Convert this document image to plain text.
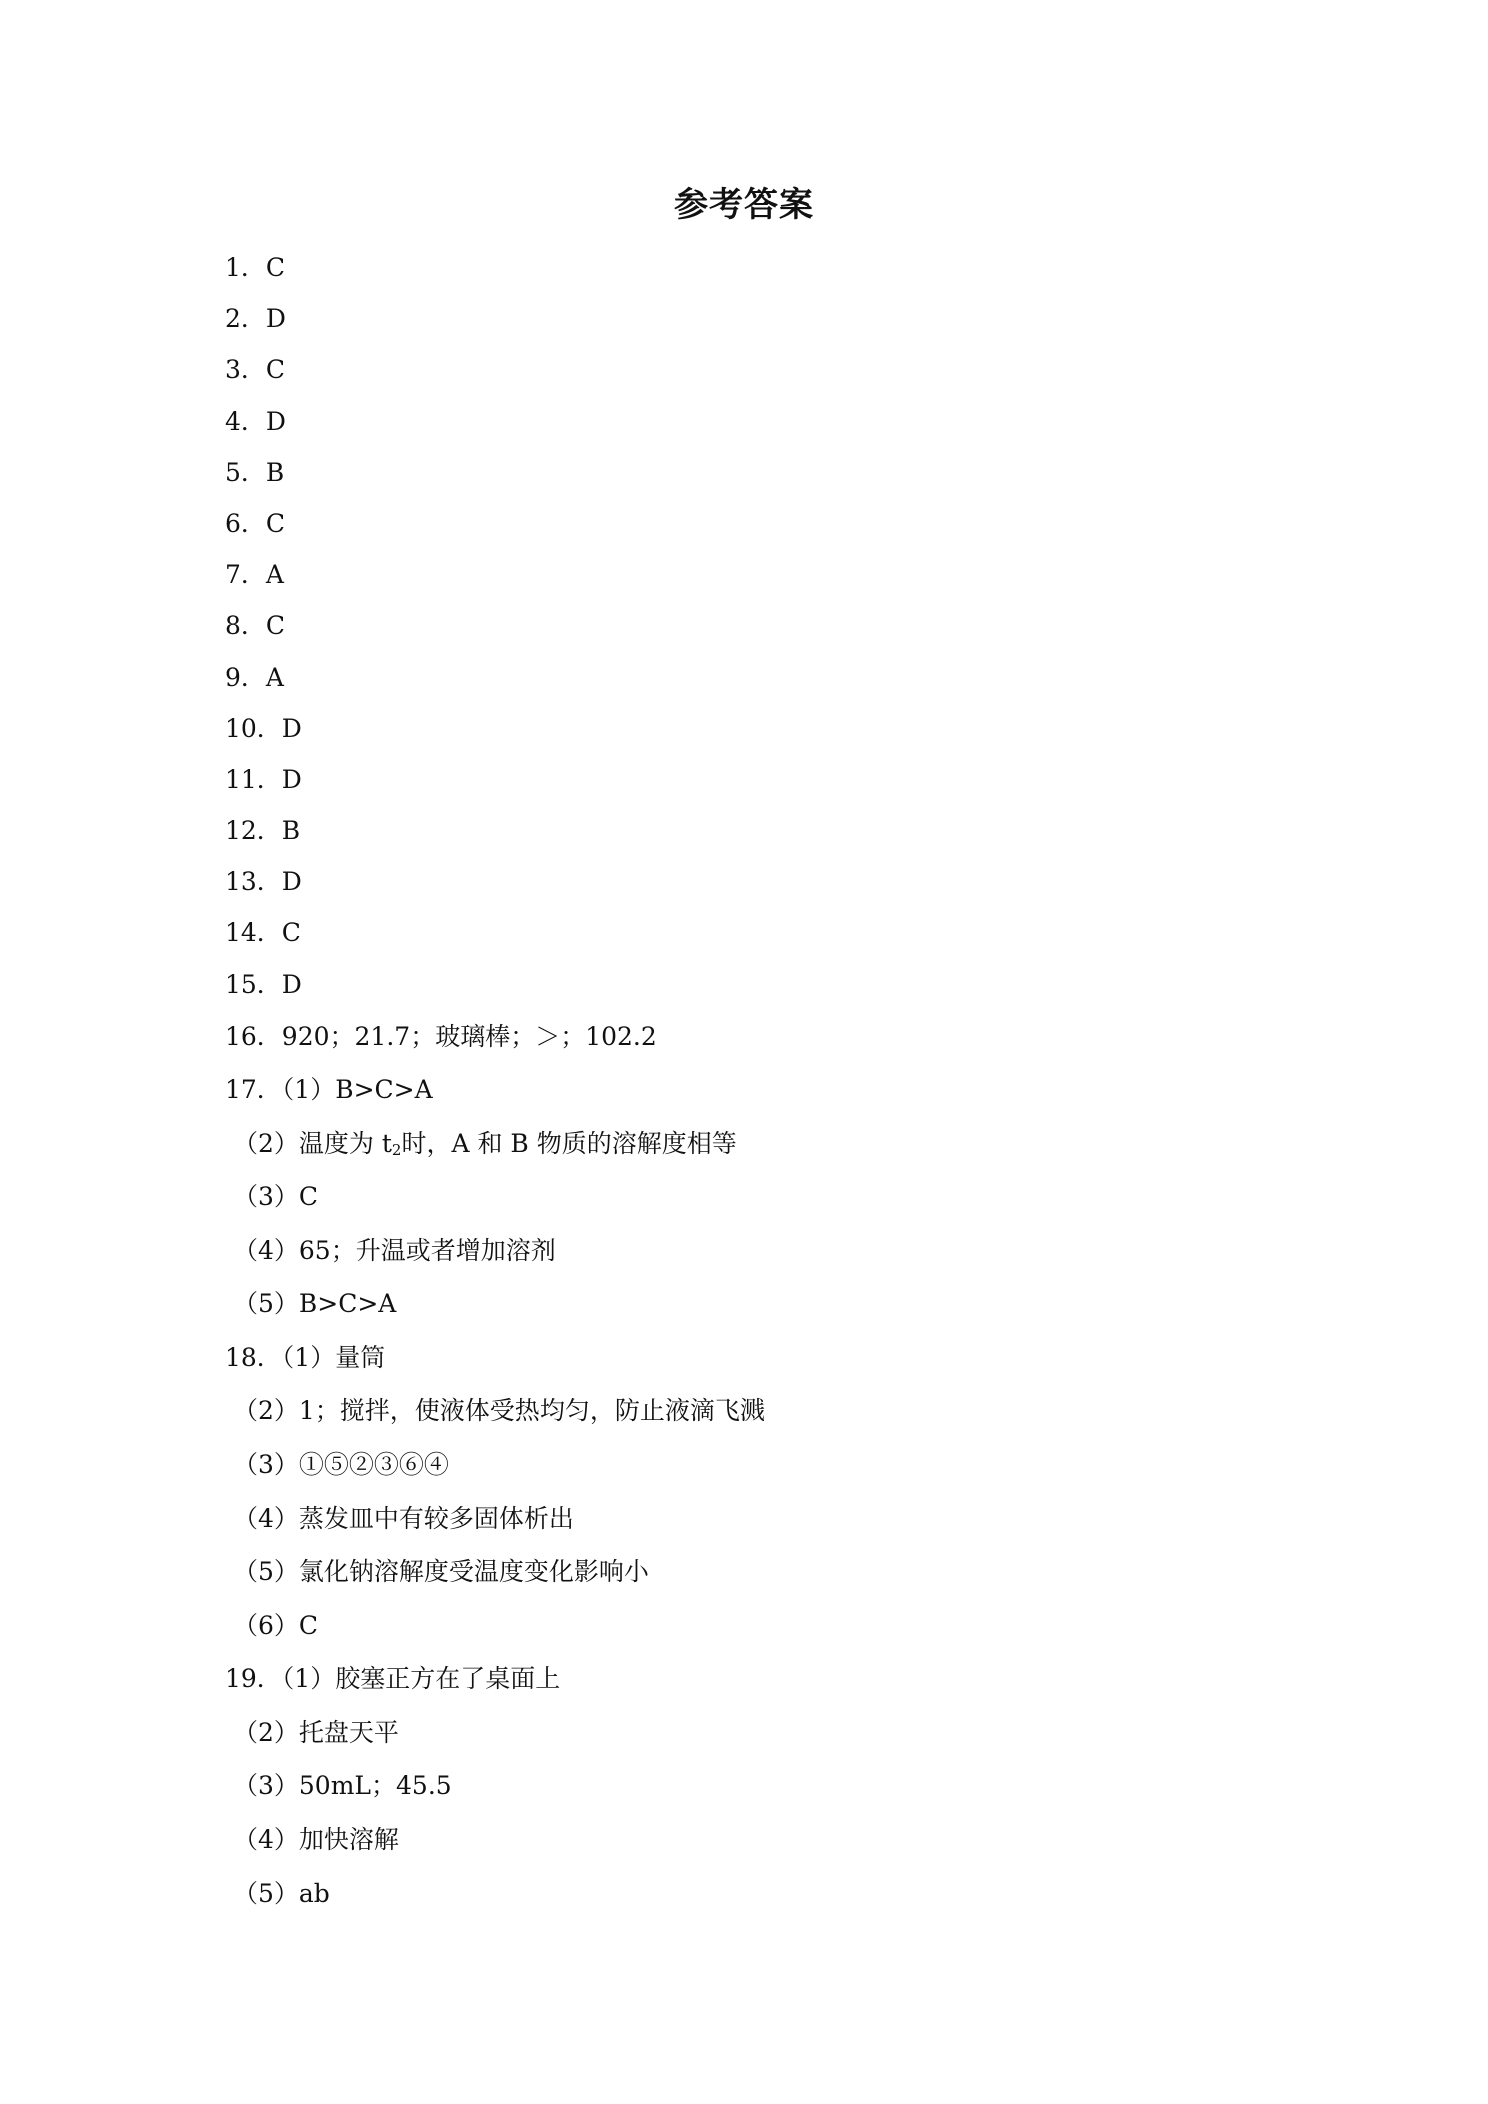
参考答案
1．C
2．D
3．C
4．D
5．B
6．C
7．A
8．C
9．A
10．D
11．D
12．B
13．D
14．C
15．D
16．920；21.7；玻璃棒；＞；102.2
17．（1）B>C>A
（2）温度为 $t_2$时，A 和 B 物质的溶解度相等
（3）C
（4）65；升温或者增加溶剂
（5）B>C>A
18．（1）量筒
（2）1；搅拌，使液体受热均匀，防止液滴飞溅
（3）①⑤②③⑥④
（4）蒸发皿中有较多固体析出
（5）氯化钠溶解度受温度变化影响小
（6）C
19．（1）胶塞正方在了桌面上
（2）托盘天平
（3）50mL；45.5
（4）加快溶解
（5）ab
